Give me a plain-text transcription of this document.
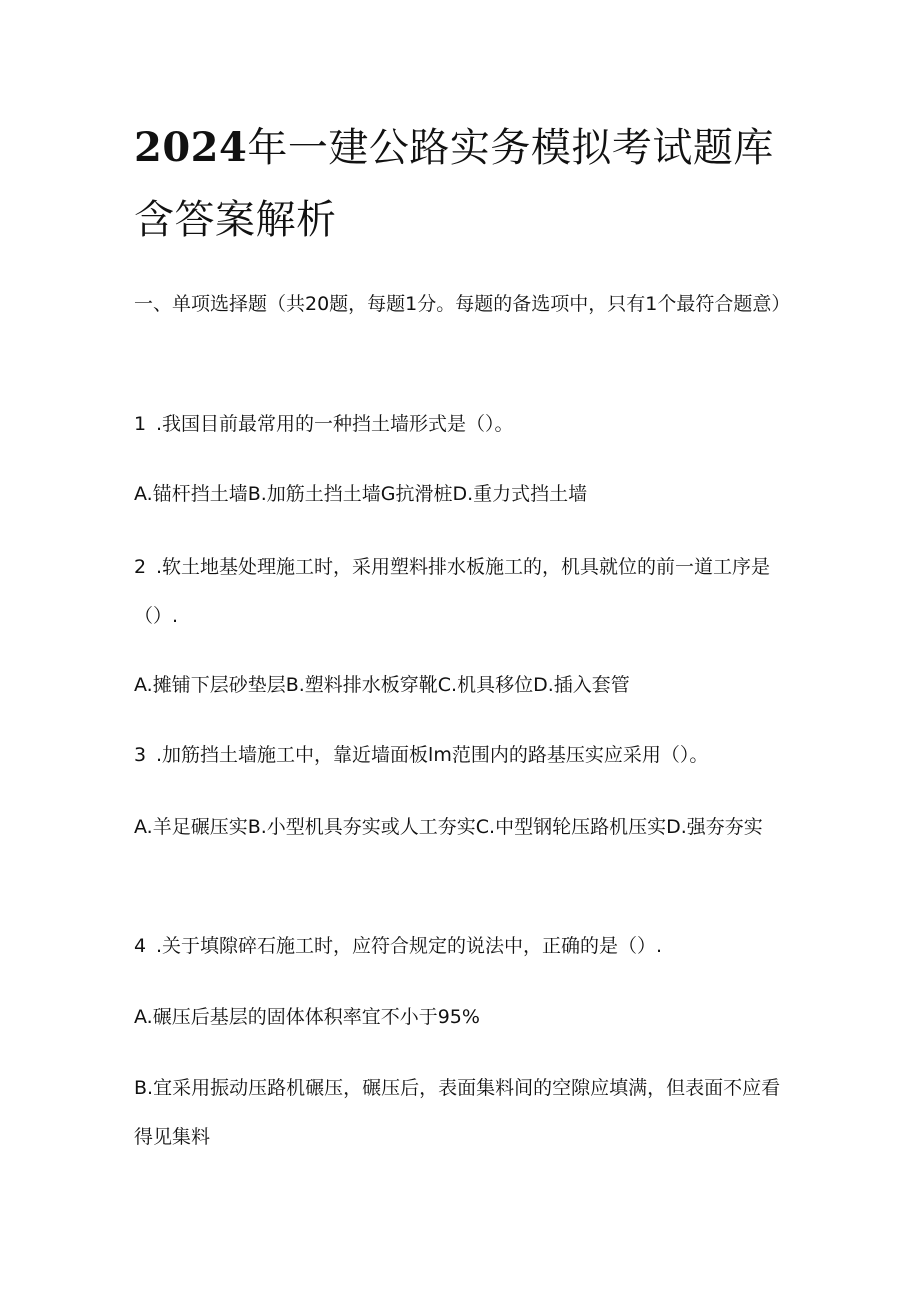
2024年一建公路实务模拟考试题库含答案解析

一、单项选择题（共20题，每题1分。每题的备选项中，只有1个最符合题意）

1 .我国目前最常用的一种挡土墙形式是（）。

A.锚杆挡土墙B.加筋土挡土墙G抗滑桩D.重力式挡土墙

2 .软土地基处理施工时，采用塑料排水板施工的，机具就位的前一道工序是（）.

A.摊铺下层砂垫层B.塑料排水板穿靴C.机具移位D.插入套管

3 .加筋挡土墙施工中，靠近墙面板lm范围内的路基压实应采用（）。

A.羊足碾压实B.小型机具夯实或人工夯实C.中型钢轮压路机压实D.强夯夯实

4 .关于填隙碎石施工时，应符合规定的说法中，正确的是（）.

A.碾压后基层的固体体积率宜不小于95%

B.宜采用振动压路机碾压，碾压后，表面集料间的空隙应填满，但表面不应看得见集料
